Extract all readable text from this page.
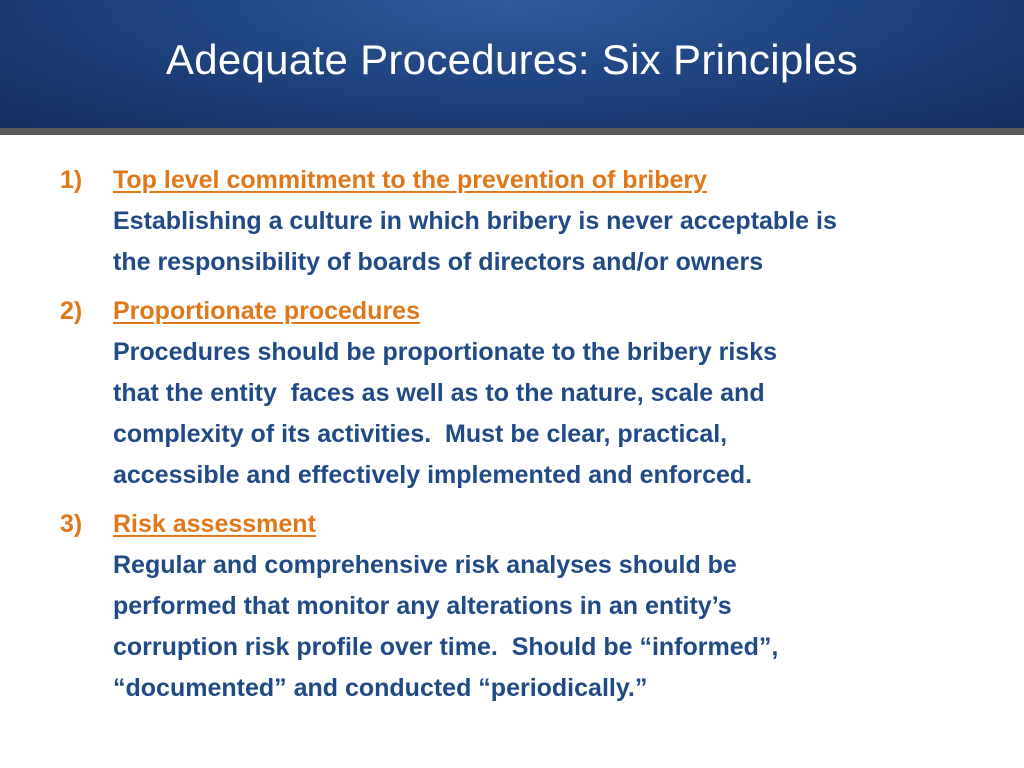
Adequate Procedures: Six Principles
1) Top level commitment to the prevention of bribery

Establishing a culture in which bribery is never acceptable is
the responsibility of boards of directors and/or owners

2) Proportionate procedures

Procedures should be proportionate to the bribery risks
that the entity  faces as well as to the nature, scale and
complexity of its activities.  Must be clear, practical,
accessible and effectively implemented and enforced.

3) Risk assessment

Regular and comprehensive risk analyses should be
performed that monitor any alterations in an entity’s
corruption risk profile over time.  Should be “informed”,
“documented” and conducted “periodically.”
